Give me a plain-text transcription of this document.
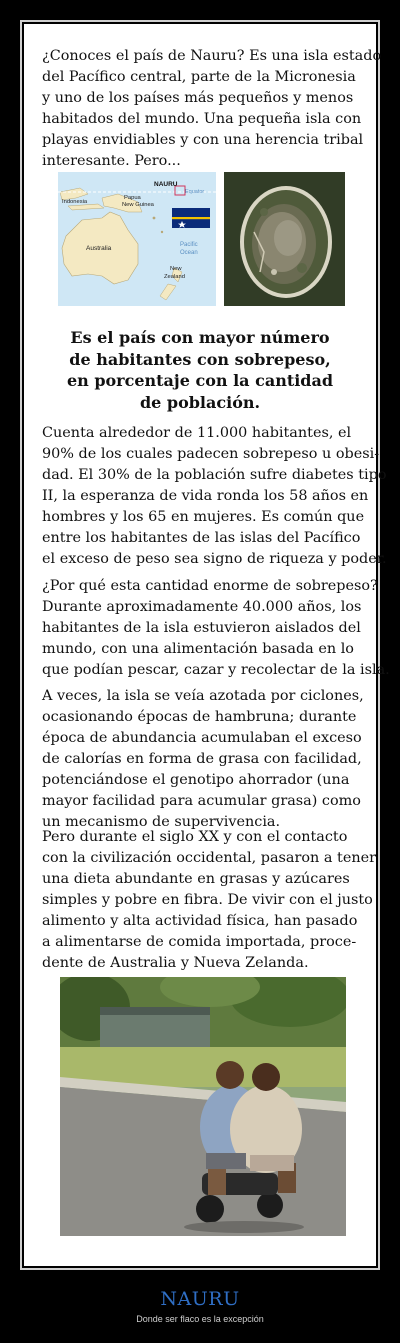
¿Conoces el país de Nauru? Es una isla estado
del Pacífico central, parte de la Micronesia
y uno de los países más pequeños y menos
habitados del mundo. Una pequeña isla con
playas envidiables y con una herencia tribal
interesante. Pero...
NAURU
Equator
Papua
New Guinea
Indonesia
Australia	Pacific
Ocean
New
Zealand
Es el país con mayor número
de habitantes con sobrepeso,
en porcentaje con la cantidad
de población.
Cuenta alrededor de 11.000 habitantes, el
90% de los cuales padecen sobrepeso u obesi-
dad. El 30% de la población sufre diabetes tipo
II, la esperanza de vida ronda los 58 años en
hombres y los 65 en mujeres. Es común que
entre los habitantes de las islas del Pacífico
el exceso de peso sea signo de riqueza y poder.
¿Por qué esta cantidad enorme de sobrepeso?
Durante aproximadamente 40.000 años, los
habitantes de la isla estuvieron aislados del
mundo, con una alimentación basada en lo
que podían pescar, cazar y recolectar de la isla.
A veces, la isla se veía azotada por ciclones,
ocasionando épocas de hambruna; durante
época de abundancia acumulaban el exceso
de calorías en forma de grasa con facilidad,
potenciándose el genotipo ahorrador (una
mayor facilidad para acumular grasa) como
un mecanismo de supervivencia.
Pero durante el siglo XX y con el contacto
con la civilización occidental, pasaron a tener
una dieta abundante en grasas y azúcares
simples y pobre en fibra. De vivir con el justo
alimento y alta actividad física, han pasado
a alimentarse de comida importada, proce-
dente de Australia y Nueva Zelanda.
NAURU
Donde ser flaco es la excepción
